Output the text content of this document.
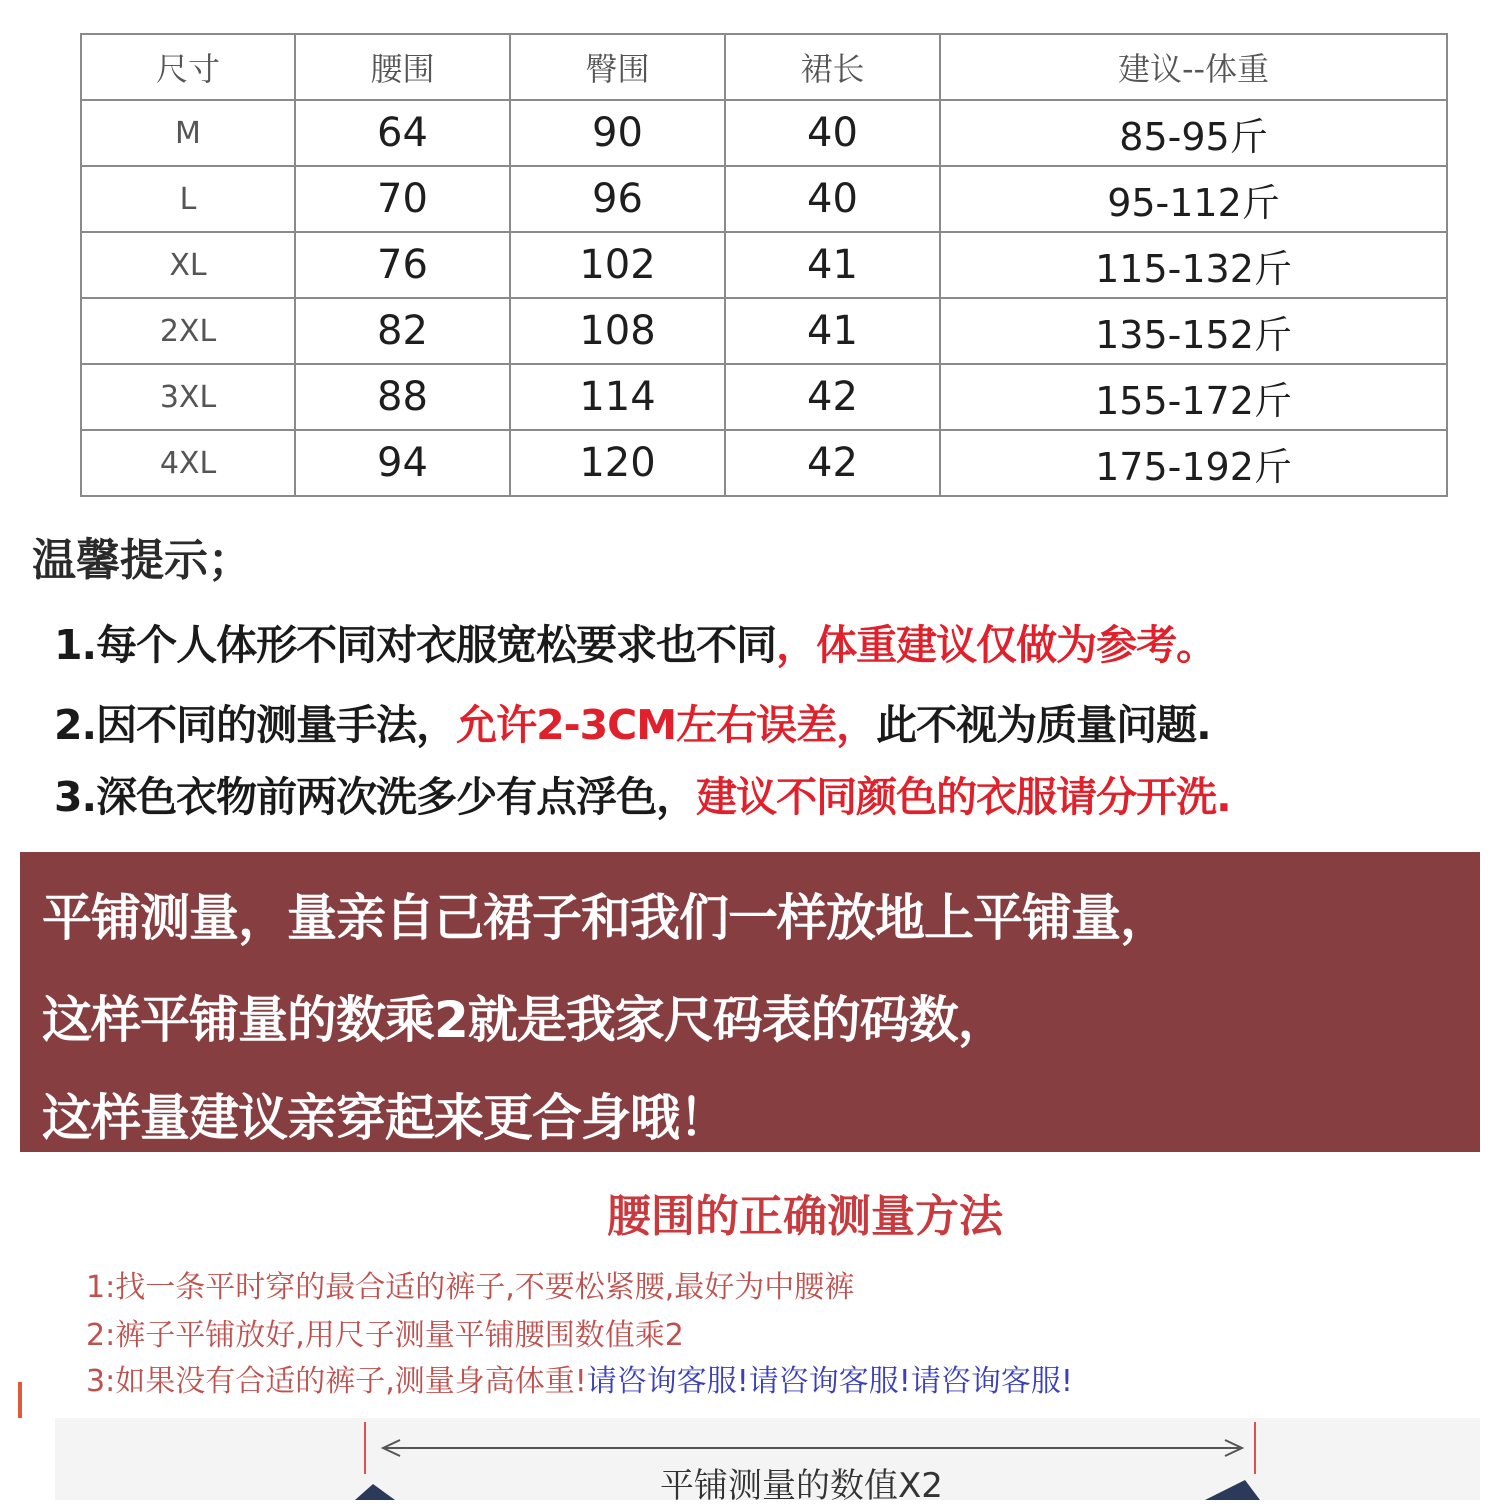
尺寸	腰围	臀围	裙长	建议--体重
M	64	90	40	85-95斤
L	70	96	40	95-112斤
XL	76	102	41	115-132斤
2XL	82	108	41	135-152斤
3XL	88	114	42	155-172斤
4XL	94	120	42	175-192斤
温馨提示；
1.每个人体形不同对衣服宽松要求也不同，体重建议仅做为参考。
2.因不同的测量手法，允许2-3CM左右误差，此不视为质量问题.
3.深色衣物前两次洗多少有点浮色，建议不同颜色的衣服请分开洗.
平铺测量，量亲自己裙子和我们一样放地上平铺量，
这样平铺量的数乘2就是我家尺码表的码数，
这样量建议亲穿起来更合身哦！
腰围的正确测量方法
1:找一条平时穿的最合适的裤子,不要松紧腰,最好为中腰裤
2:裤子平铺放好,用尺子测量平铺腰围数值乘2
3:如果没有合适的裤子,测量身高体重!请咨询客服!请咨询客服!请咨询客服!
平铺测量的数值X2
